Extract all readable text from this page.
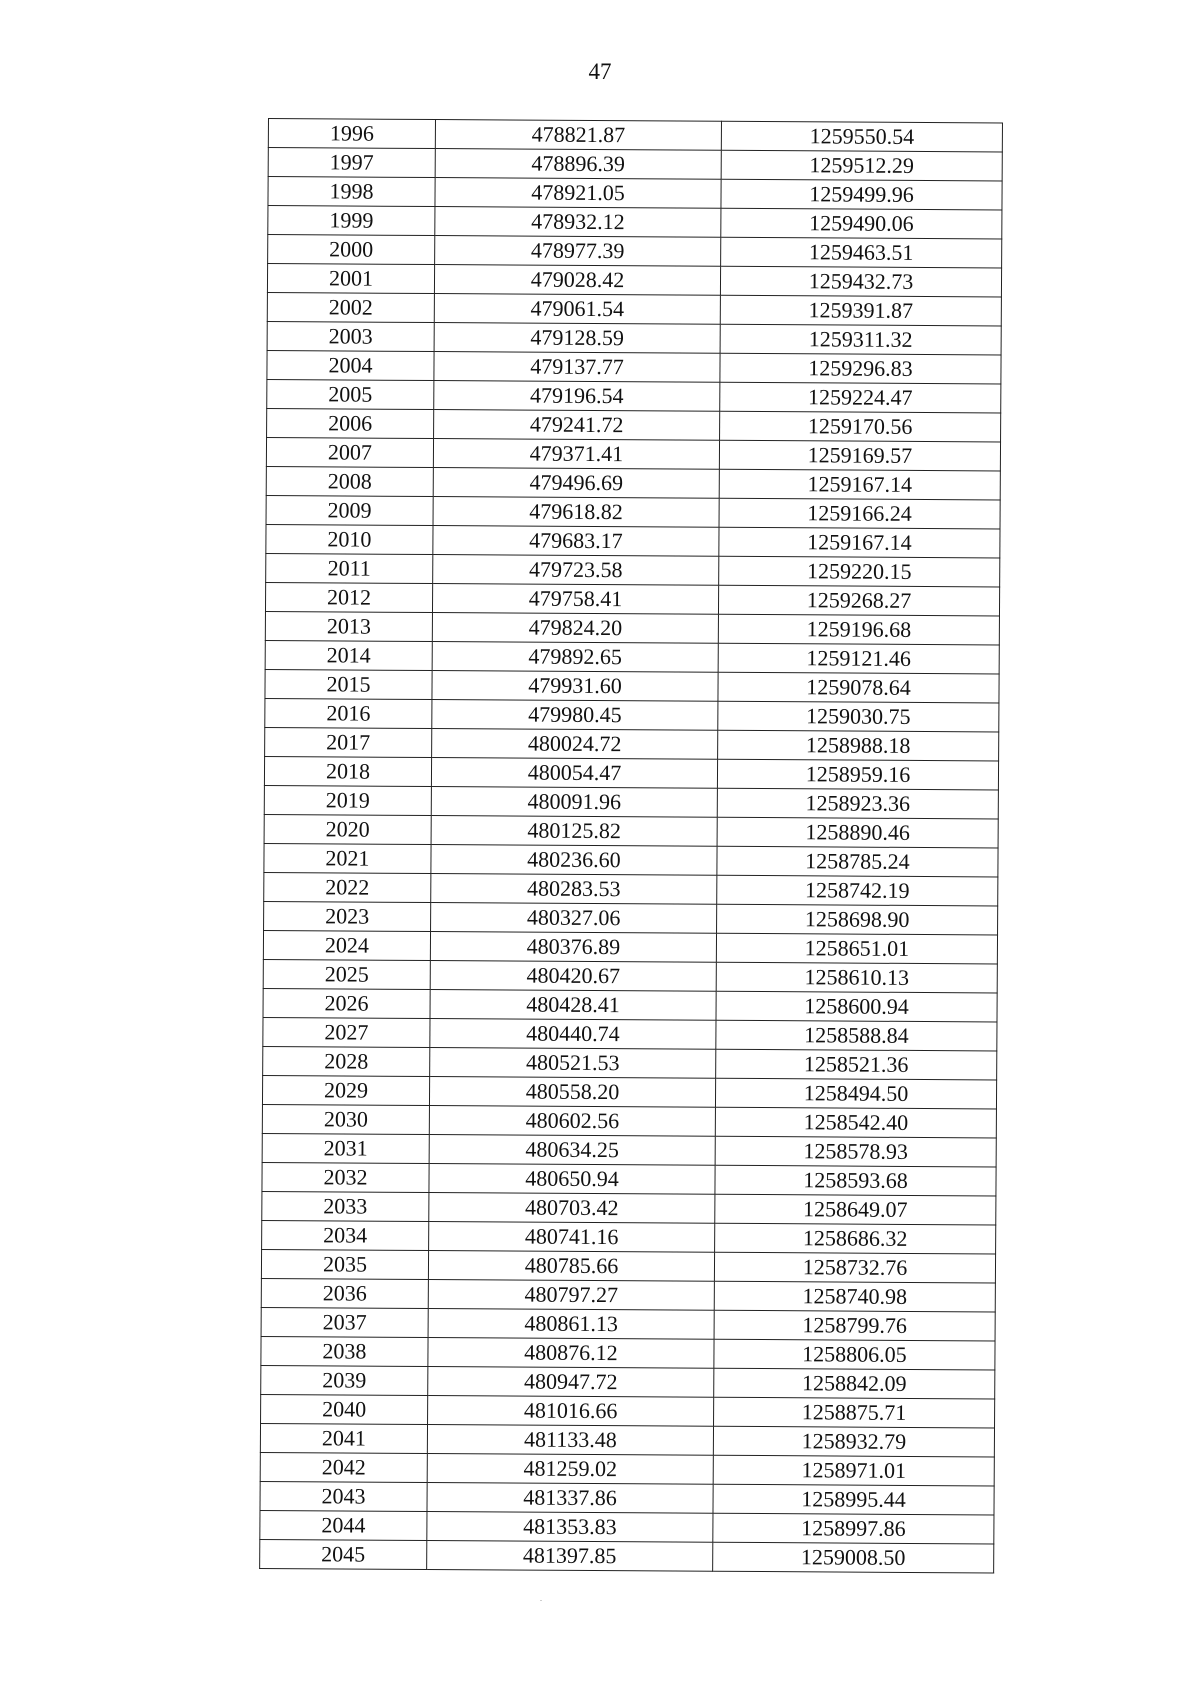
47
1996	478821.87	1259550.54
1997	478896.39	1259512.29
1998	478921.05	1259499.96
1999	478932.12	1259490.06
2000	478977.39	1259463.51
2001	479028.42	1259432.73
2002	479061.54	1259391.87
2003	479128.59	1259311.32
2004	479137.77	1259296.83
2005	479196.54	1259224.47
2006	479241.72	1259170.56
2007	479371.41	1259169.57
2008	479496.69	1259167.14
2009	479618.82	1259166.24
2010	479683.17	1259167.14
2011	479723.58	1259220.15
2012	479758.41	1259268.27
2013	479824.20	1259196.68
2014	479892.65	1259121.46
2015	479931.60	1259078.64
2016	479980.45	1259030.75
2017	480024.72	1258988.18
2018	480054.47	1258959.16
2019	480091.96	1258923.36
2020	480125.82	1258890.46
2021	480236.60	1258785.24
2022	480283.53	1258742.19
2023	480327.06	1258698.90
2024	480376.89	1258651.01
2025	480420.67	1258610.13
2026	480428.41	1258600.94
2027	480440.74	1258588.84
2028	480521.53	1258521.36
2029	480558.20	1258494.50
2030	480602.56	1258542.40
2031	480634.25	1258578.93
2032	480650.94	1258593.68
2033	480703.42	1258649.07
2034	480741.16	1258686.32
2035	480785.66	1258732.76
2036	480797.27	1258740.98
2037	480861.13	1258799.76
2038	480876.12	1258806.05
2039	480947.72	1258842.09
2040	481016.66	1258875.71
2041	481133.48	1258932.79
2042	481259.02	1258971.01
2043	481337.86	1258995.44
2044	481353.83	1258997.86
2045	481397.85	1259008.50
